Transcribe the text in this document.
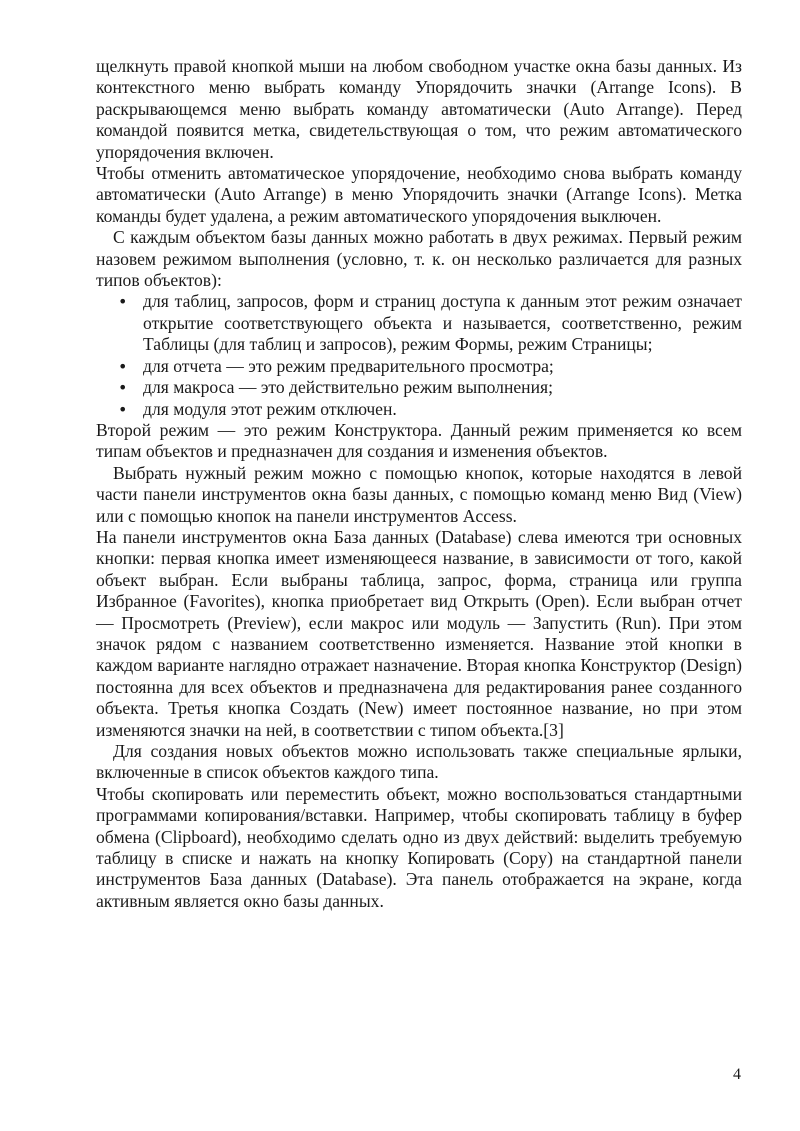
щелкнуть правой кнопкой мыши на любом свободном участке окна базы данных. Из контекстного меню выбрать команду Упорядочить значки (Arrange Icons). В раскрывающемся меню выбрать команду автоматически (Auto Arrange). Перед командой появится метка, свидетельствующая о том, что режим автоматического упорядочения включен.

Чтобы отменить автоматическое упорядочение, необходимо снова выбрать команду автоматически (Auto Arrange) в меню Упорядочить значки (Arrange Icons). Метка команды будет удалена, а режим автоматического упорядочения выключен.

С каждым объектом базы данных можно работать в двух режимах. Первый режим назовем режимом выполнения (условно, т. к. он несколько различается для разных типов объектов):

• для таблиц, запросов, форм и страниц доступа к данным этот режим означает открытие соответствующего объекта и называется, соответственно, режим Таблицы (для таблиц и запросов), режим Формы, режим Страницы;
• для отчета — это режим предварительного просмотра;
• для макроса — это действительно режим выполнения;
• для модуля этот режим отключен.

Второй режим — это режим Конструктора. Данный режим применяется ко всем типам объектов и предназначен для создания и изменения объектов.

Выбрать нужный режим можно с помощью кнопок, которые находятся в левой части панели инструментов окна базы данных, с помощью команд меню Вид (View) или с помощью кнопок на панели инструментов Access.

На панели инструментов окна База данных (Database) слева имеются три основных кнопки: первая кнопка имеет изменяющееся название, в зависимости от того, какой объект выбран. Если выбраны таблица, запрос, форма, страница или группа Избранное (Favorites), кнопка приобретает вид Открыть (Open). Если выбран отчет — Просмотреть (Preview), если макрос или модуль — Запустить (Run). При этом значок рядом с названием соответственно изменяется. Название этой кнопки в каждом варианте наглядно отражает назначение. Вторая кнопка Конструктор (Design) постоянна для всех объектов и предназначена для редактирования ранее созданного объекта. Третья кнопка Создать (New) имеет постоянное название, но при этом изменяются значки на ней, в соответствии с типом объекта.[3]

Для создания новых объектов можно использовать также специальные ярлыки, включенные в список объектов каждого типа.

Чтобы скопировать или переместить объект, можно воспользоваться стандартными программами копирования/вставки. Например, чтобы скопировать таблицу в буфер обмена (Clipboard), необходимо сделать одно из двух действий: выделить требуемую таблицу в списке и нажать на кнопку Копировать (Copy) на стандартной панели инструментов База данных (Database). Эта панель отображается на экране, когда активным является окно базы данных.

4
